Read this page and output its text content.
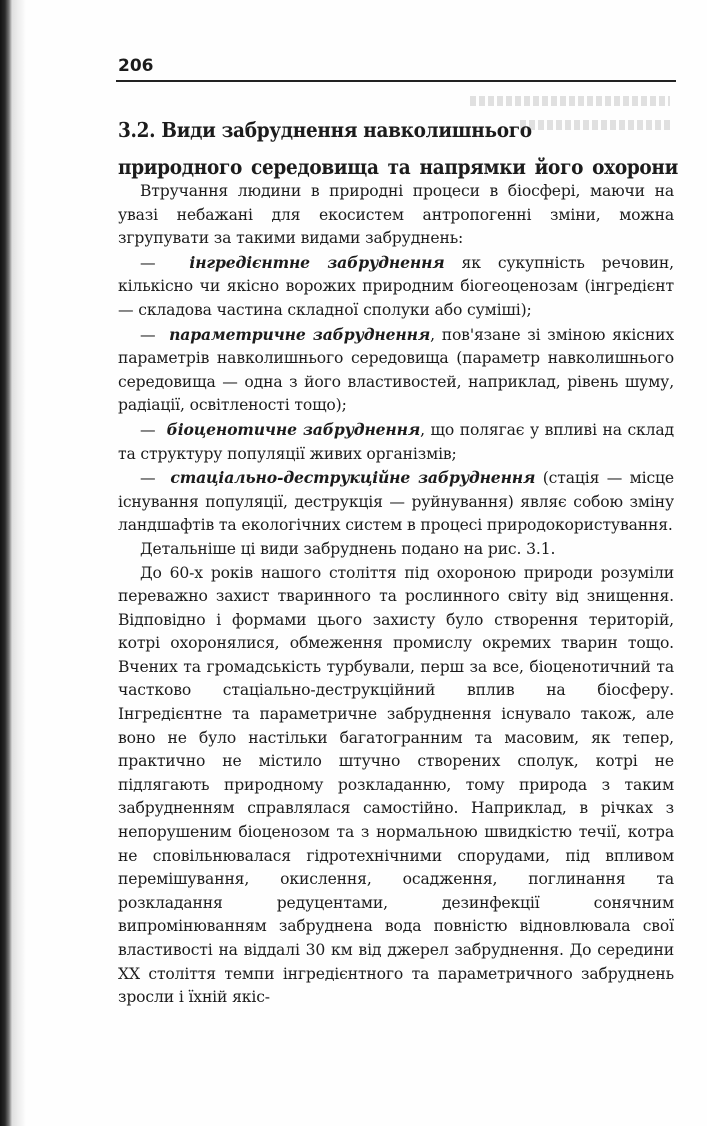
206
3.2. Види забруднення навколишнього
природного середовища та напрямки його охорони

Втручання людини в природні процеси в біосфері, маючи на увазі небажані для екосистем антропогенні зміни, можна згрупувати за такими видами забруднень:

— інгредієнтне забруднення як сукупність речовин, кількісно чи якісно ворожих природним біогеоценозам (інгредієнт — складова частина складної сполуки або суміші);

— параметричне забруднення, пов'язане зі зміною якісних параметрів навколишнього середовища (параметр навколишнього середовища — одна з його властивостей, наприклад, рівень шуму, радіації, освітленості тощо);

— біоценотичне забруднення, що полягає у впливі на склад та структуру популяції живих організмів;

— стаціально-деструкційне забруднення (стація — місце існування популяції, деструкція — руйнування) являє собою зміну ландшафтів та екологічних систем в процесі природокористування.

Детальніше ці види забруднень подано на рис. 3.1.

До 60-х років нашого століття під охороною природи розуміли переважно захист тваринного та рослинного світу від знищення. Відповідно і формами цього захисту було створення територій, котрі охоронялися, обмеження промислу окремих тварин тощо. Вчених та громадськість турбували, перш за все, біоценотичний та частково стаціально-деструкційний вплив на біосферу. Інгредієнтне та параметричне забруднення існувало також, але воно не було настільки багатогранним та масовим, як тепер, практично не містило штучно створених сполук, котрі не підлягають природному розкладанню, тому природа з таким забрудненням справлялася самостійно. Наприклад, в річках з непорушеним біоценозом та з нормальною швидкістю течії, котра не сповільнювалася гідротехнічними спорудами, під впливом перемішування, окислення, осадження, поглинання та розкладання редуцентами, дезинфекції сонячним випромінюванням забруднена вода повністю відновлювала свої властивості на віддалі 30 км від джерел забруднення. До середини XX століття темпи інгредієнтного та параметричного забруднень зросли і їхній якіс-
